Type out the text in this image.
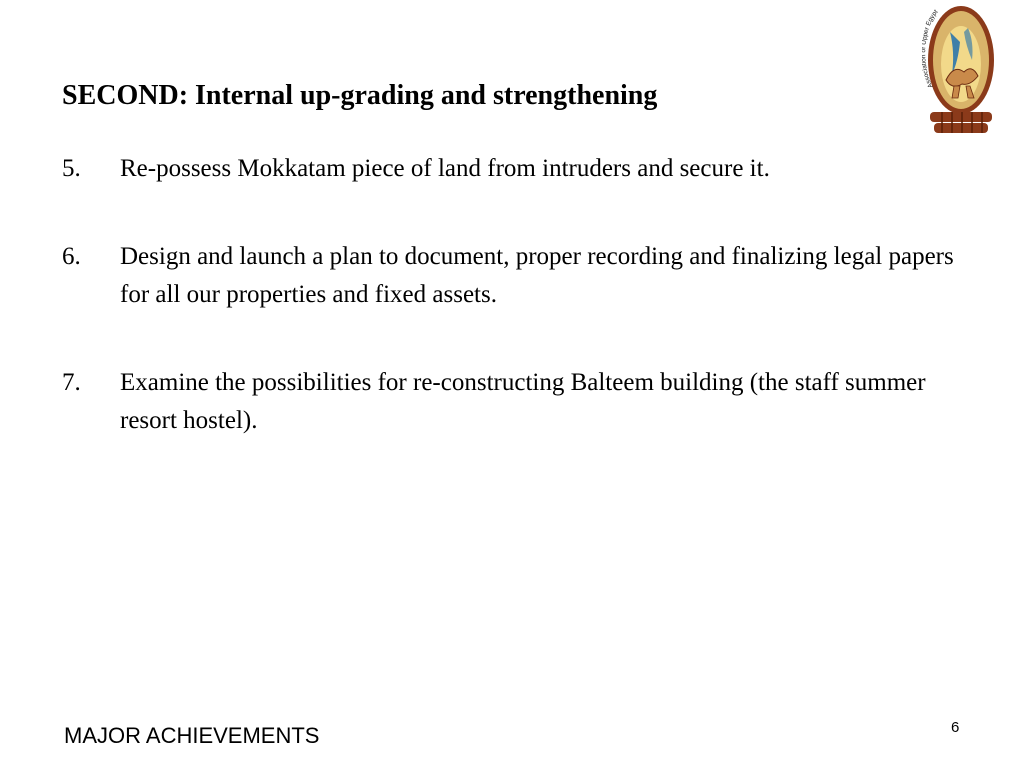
SECOND: Internal up-grading and strengthening
5.	Re-possess Mokkatam piece of land from intruders and secure it.
6.	Design and launch a plan to document, proper recording and finalizing legal papers for all our properties and fixed assets.
7.	Examine the possibilities for re-constructing Balteem building (the staff summer resort hostel).
Associ per Egypt
MAJOR ACHIEVEMENTS	6
